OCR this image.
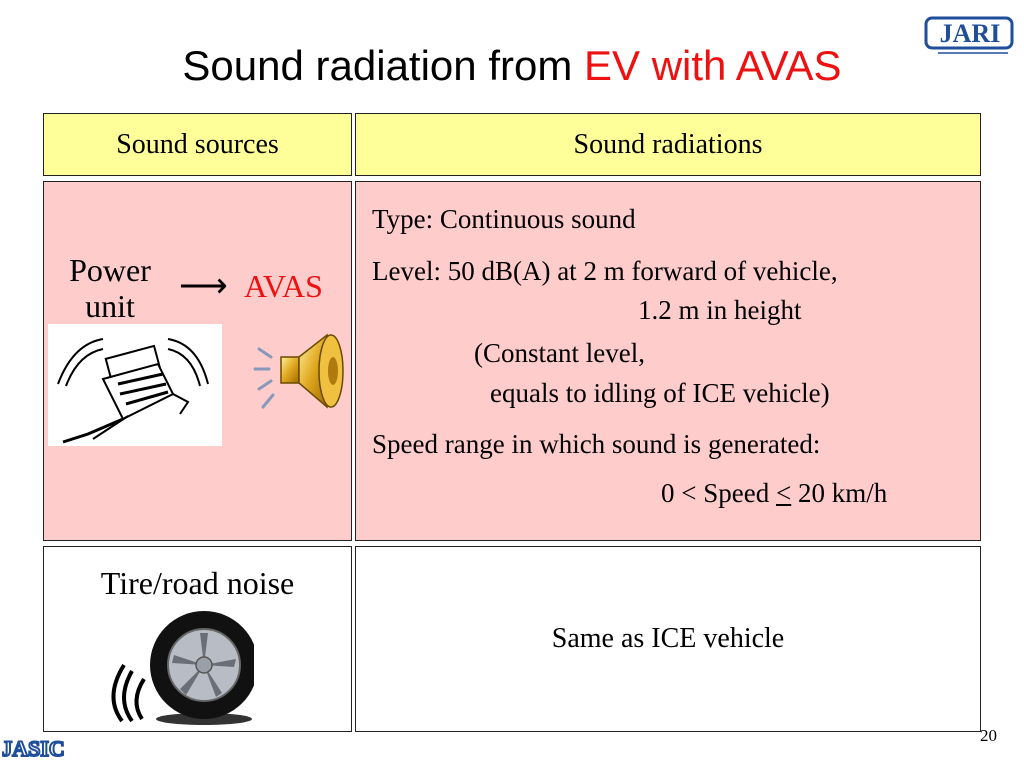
Sound radiation from EV with AVAS
JARI
Sound sources	Sound radiations
Power
unit
⟶ AVAS
Type: Continuous sound
Level: 50 dB(A) at 2 m forward of vehicle,
1.2 m in height
(Constant level,
equals to idling of ICE vehicle)
Speed range in which sound is generated:
0 < Speed < 20 km/h
Tire/road noise
Same as ICE vehicle
JASIC
20
